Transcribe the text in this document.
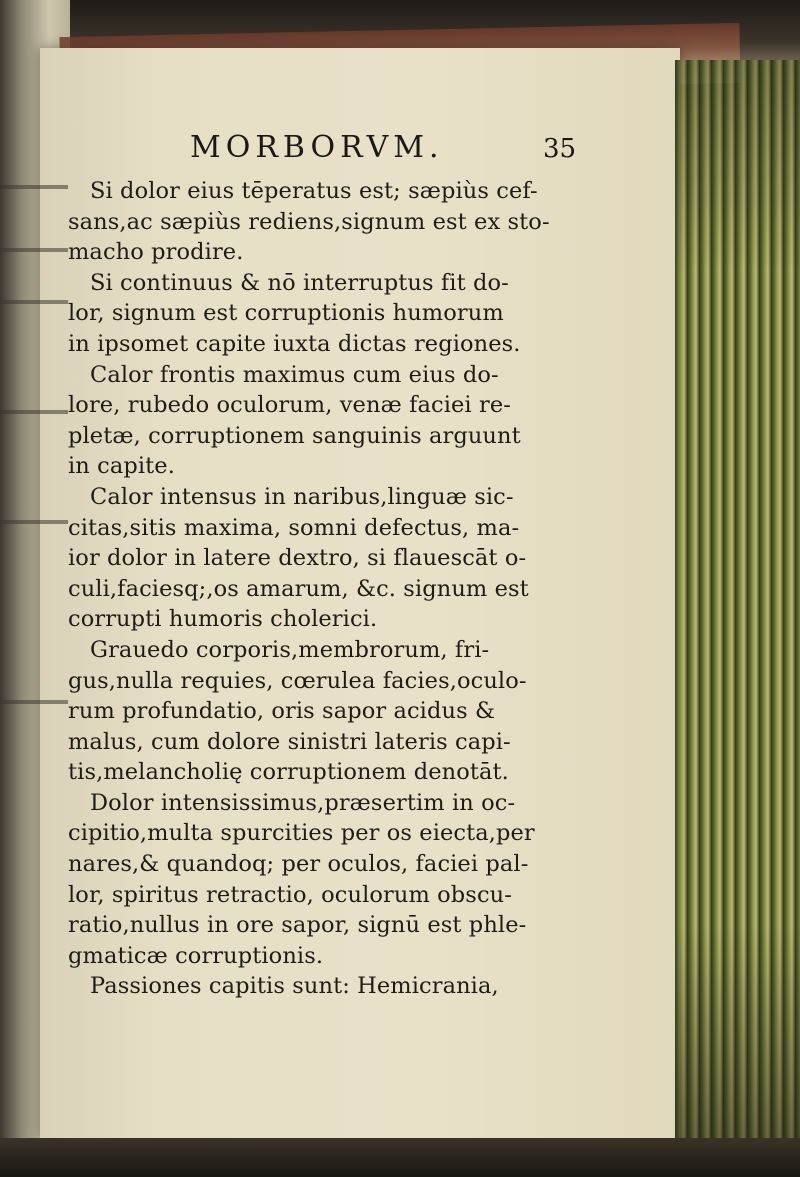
MORBORVM.	35
Si dolor eius tēperatus est; sæpiùs cef-
sans,ac sæpiùs rediens,signum est ex sto-
macho prodire.
Si continuus & nō interruptus fit do-
lor, signum est corruptionis humorum
in ipsomet capite iuxta dictas regiones.
Calor frontis maximus cum eius do-
lore, rubedo oculorum, venæ faciei re-
pletæ, corruptionem sanguinis arguunt
in capite.
Calor intensus in naribus,linguæ sic-
citas,sitis maxima, somni defectus, ma-
ior dolor in latere dextro, si flauescāt o-
culi,faciesq;,os amarum, &c. signum est
corrupti humoris cholerici.
Grauedo corporis,membrorum, fri-
gus,nulla requies, cœrulea facies,oculo-
rum profundatio, oris sapor acidus &
malus, cum dolore sinistri lateris capi-
tis,melancholię corruptionem denotāt.
Dolor intensissimus,præsertim in oc-
cipitio,multa spurcities per os eiecta,per
nares,& quandoq; per oculos, faciei pal-
lor, spiritus retractio, oculorum obscu-
ratio,nullus in ore sapor, signū est phle-
gmaticæ corruptionis.
Passiones capitis sunt: Hemicrania,
